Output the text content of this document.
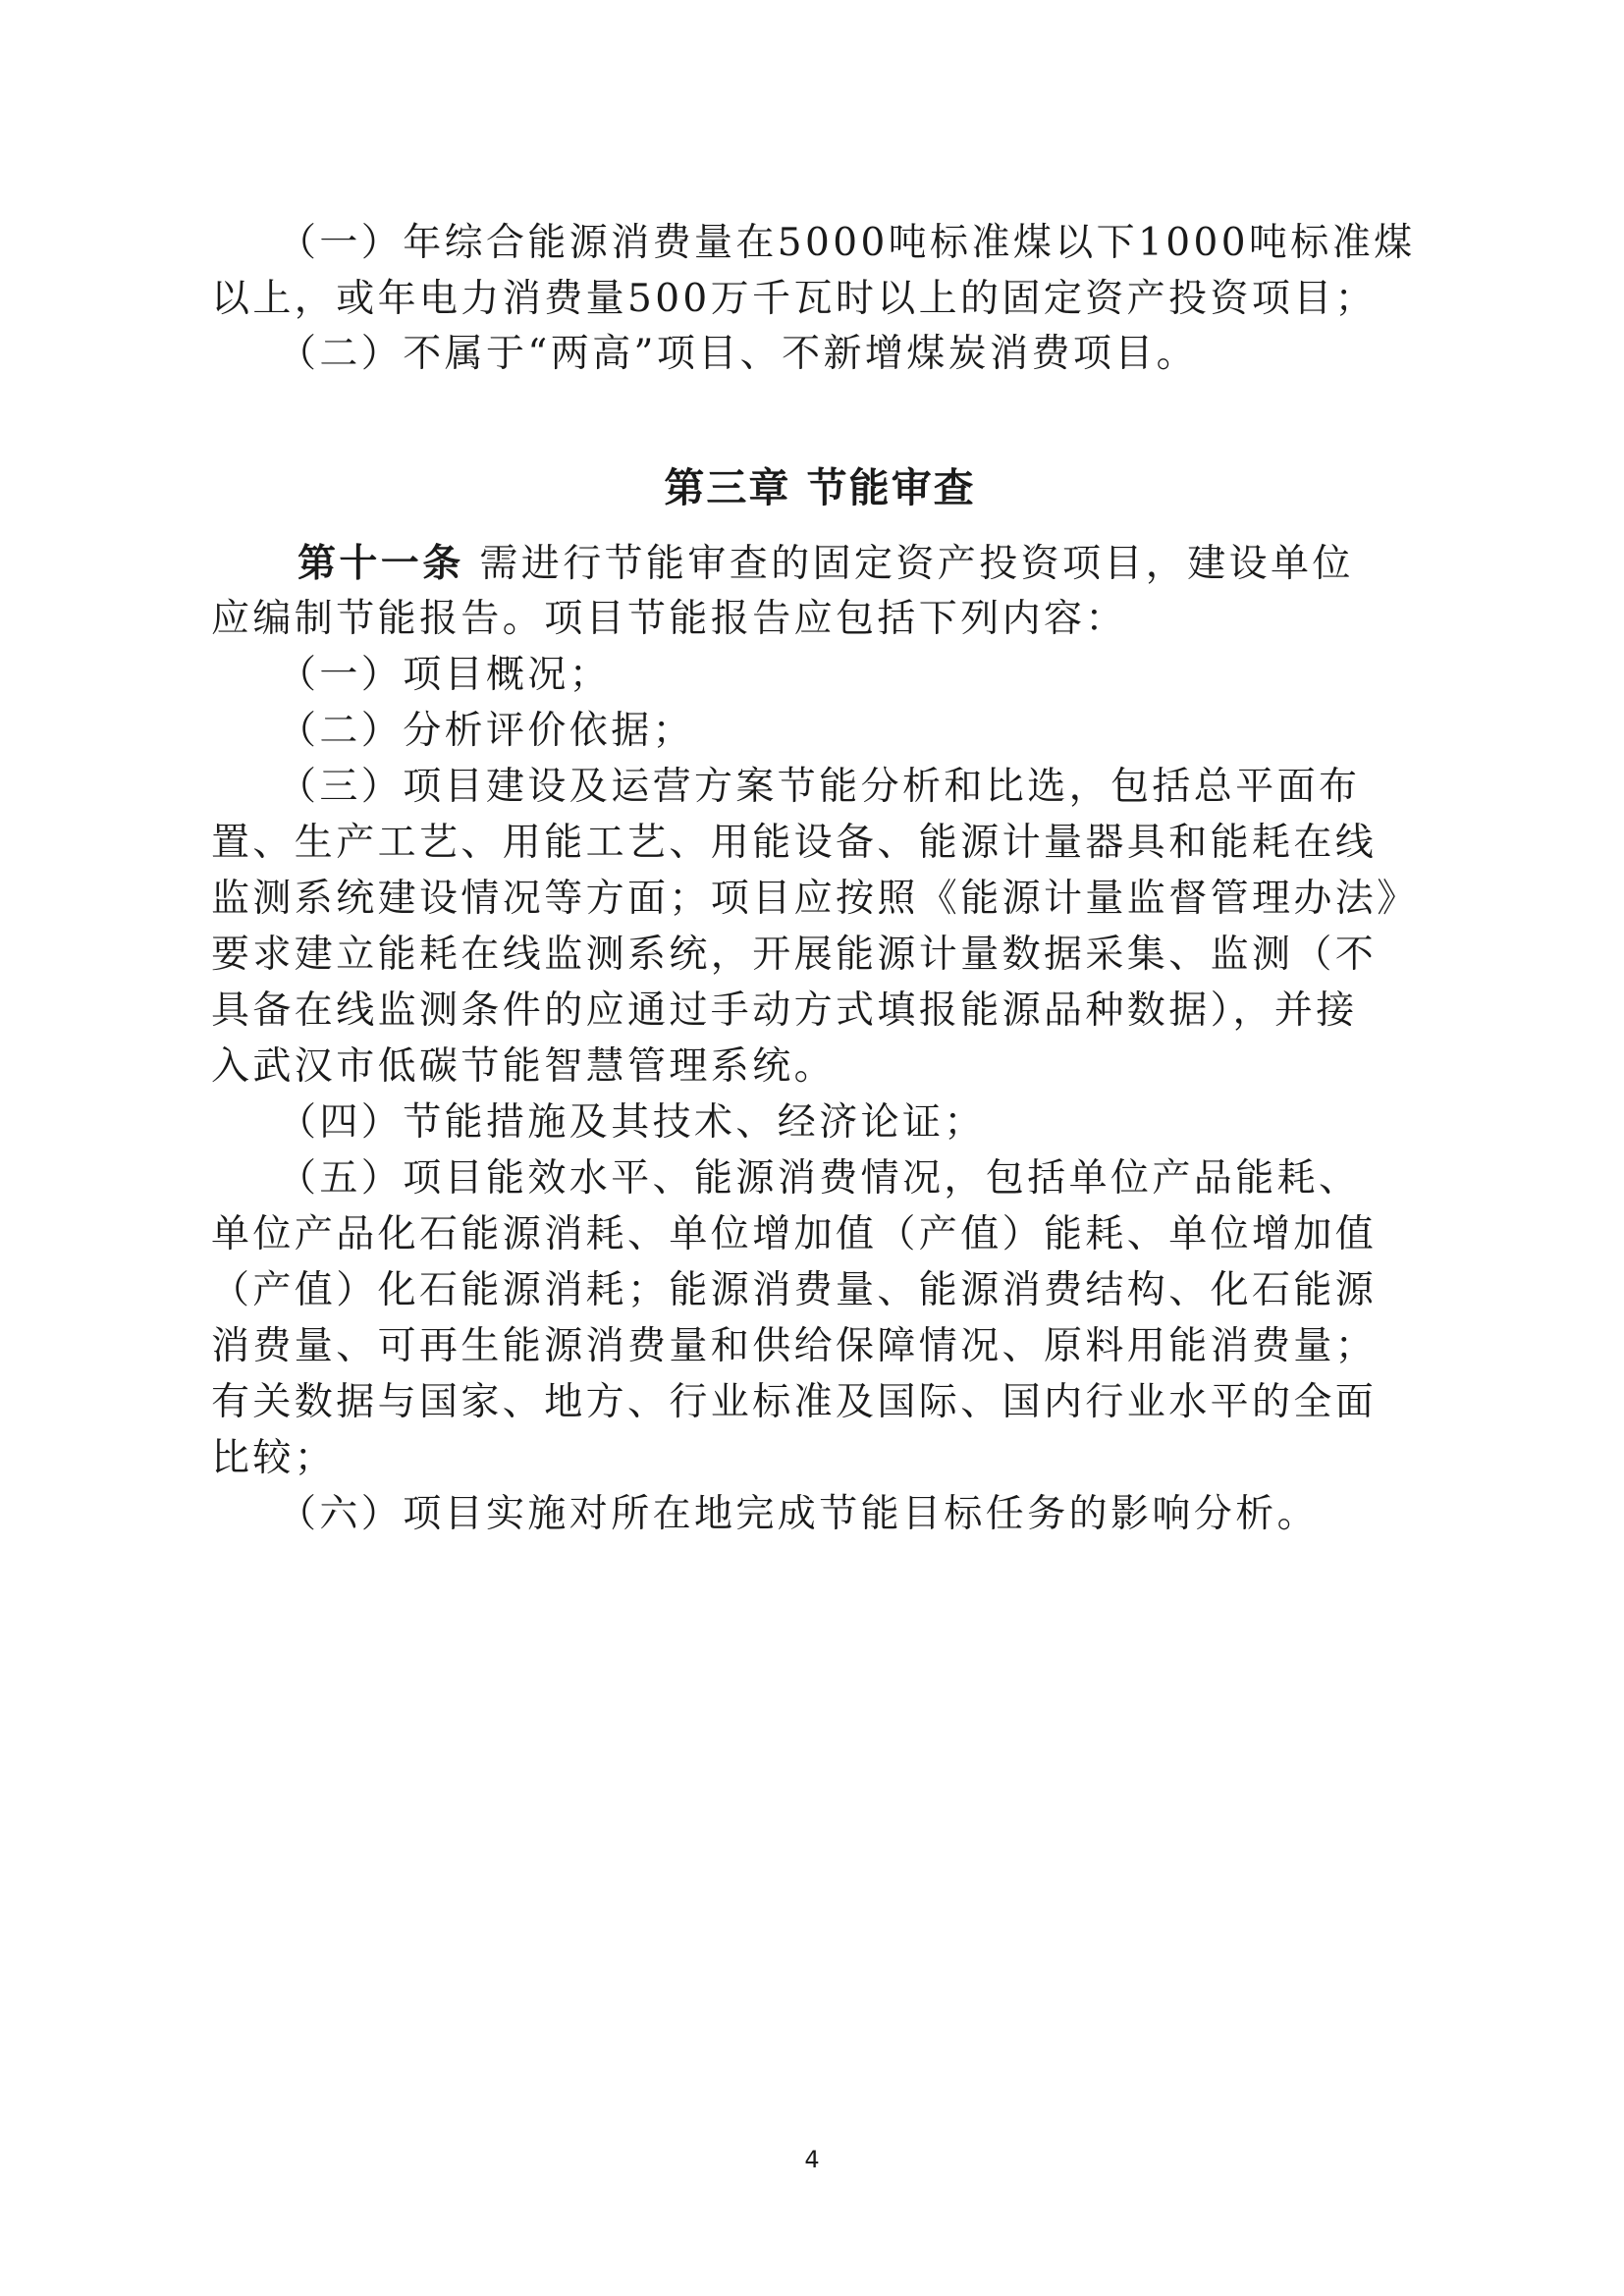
（一）年综合能源消费量在5000吨标准煤以下1000吨标准煤
以上，或年电力消费量500万千瓦时以上的固定资产投资项目；
（二）不属于“两高”项目、不新增煤炭消费项目。
第三章 节能审查
第十一条 需进行节能审查的固定资产投资项目，建设单位
应编制节能报告。项目节能报告应包括下列内容：
（一）项目概况；
（二）分析评价依据；
（三）项目建设及运营方案节能分析和比选，包括总平面布
置、生产工艺、用能工艺、用能设备、能源计量器具和能耗在线
监测系统建设情况等方面；项目应按照《能源计量监督管理办法》
要求建立能耗在线监测系统，开展能源计量数据采集、监测（不
具备在线监测条件的应通过手动方式填报能源品种数据），并接
入武汉市低碳节能智慧管理系统。
（四）节能措施及其技术、经济论证；
（五）项目能效水平、能源消费情况，包括单位产品能耗、
单位产品化石能源消耗、单位增加值（产值）能耗、单位增加值
（产值）化石能源消耗；能源消费量、能源消费结构、化石能源
消费量、可再生能源消费量和供给保障情况、原料用能消费量；
有关数据与国家、地方、行业标准及国际、国内行业水平的全面
比较；
（六）项目实施对所在地完成节能目标任务的影响分析。
4
